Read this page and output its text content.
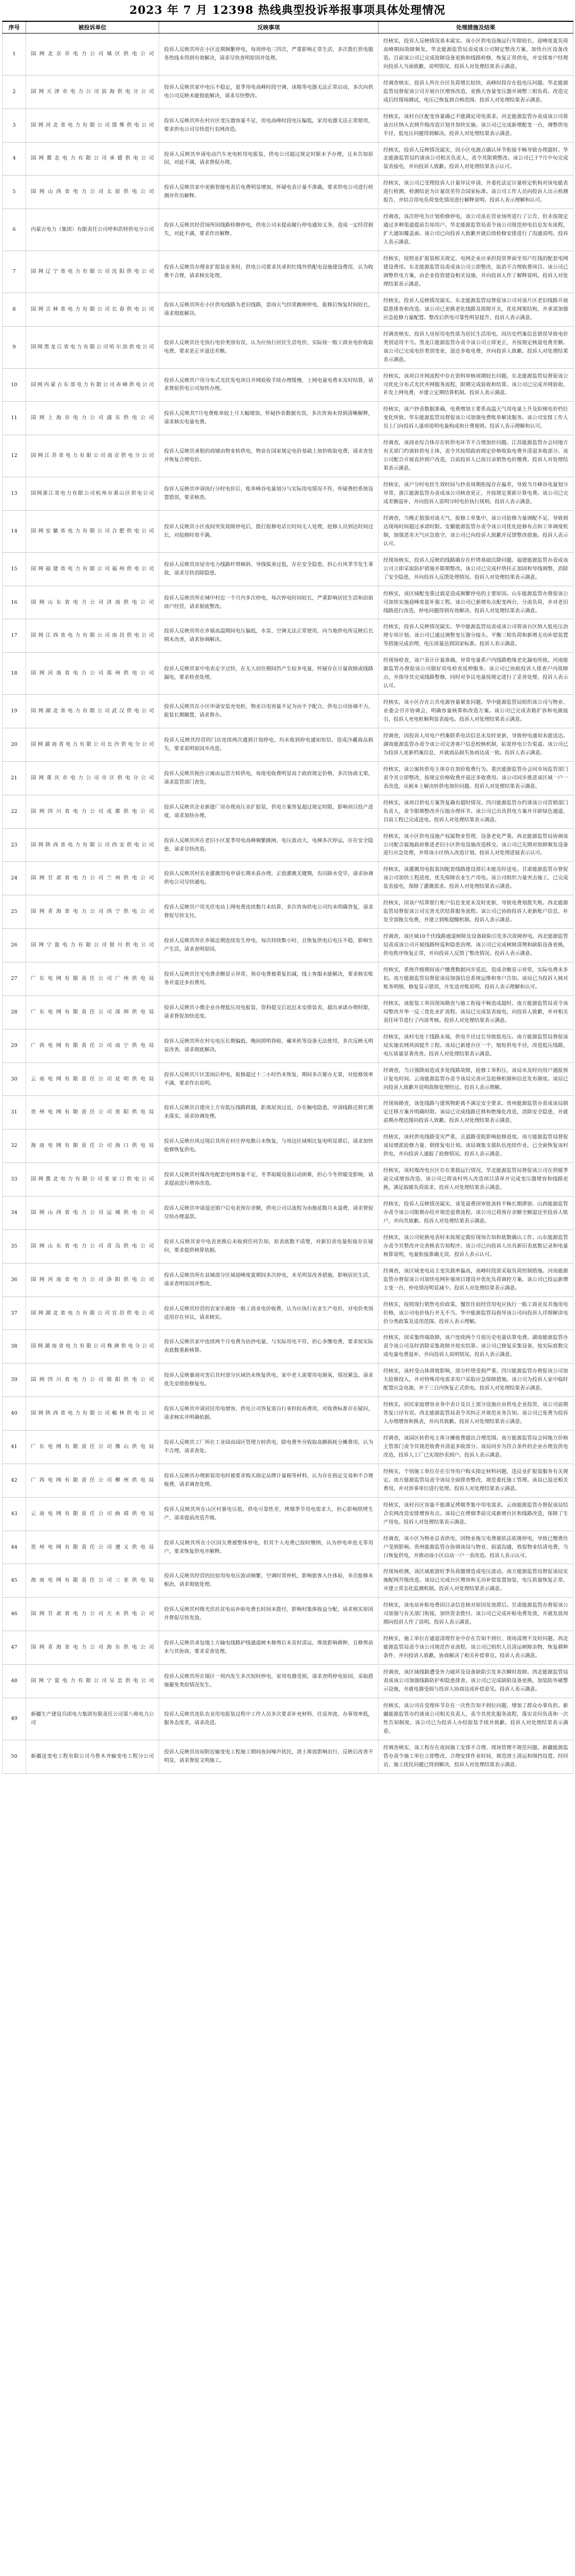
2023 年 7 月 12398 热线典型投诉举报事项具体处理情况
序号	被投诉单位	反映事项	处理措施及结果
1	国网北京市电力公司城区供电公司	投诉人反映其所在小区近期频繁停电，每周停电三四次，严重影响正常生活，多次拨打供电服务热线未得到有效解决，请求尽快查明原因并处理。	经核实，投诉人反映情况基本属实。该小区供电设施运行年限较长，迎峰度夏负荷高峰期间故障频发。华北能源监管局责成该公司制定整改方案，加快台区设备改造。目前该公司已完成故障设备更换和线路检修，恢复正常供电，并安排客户经理向投诉人当面致歉、说明情况。投诉人对处理结果表示满意。
2	国网天津市电力公司滨海供电分公司	投诉人反映其家中电压不稳定，夏季用电高峰时段空调、冰箱等电器无法正常启动，多次向供电公司反映未能彻底解决，请求尽快整改。	经调查核实，投诉人所在台区负荷增长较快，高峰时段存在低电压问题。华北能源监管局督促该公司开展台区增容改造，更换大容量变压器并调整三相负荷。改造完成后经现场测试，电压已恢复到合格范围。投诉人对处理结果表示满意。
3	国网河北省电力有限公司邯郸供电公司	投诉人反映其所在村台区变压器容量不足，用电高峰时段电压偏低，家用电器无法正常使用，要求供电公司尽快进行农网改造。	经核实，该村台区配变容量确已不能满足用电需求。河北能源监管办责成该公司将该台区纳入农网升级改造计划并加快实施。该公司已完成新增配变一台，调整供电半径，低电压问题得到解决。投诉人对处理结果表示满意。
4	国网冀北电力有限公司承德供电公司	投诉人反映其申请电动汽车充电桩用电报装，供电公司超过规定时限未予办理，且未告知原因，对此不满，请求督促办理。	经核实，投诉人反映情况属实，因小区电源点确认环节衔接不畅导致办理超时。华北能源监管局约谈该公司相关负责人，责令其限期整改。该公司已于7月中旬完成装表接电，并向投诉人致歉。投诉人对处理结果表示认可。
5	国网山西省电力公司太原供电公司	投诉人反映其家中更换智能电表后电费明显增加，怀疑电表计量不准确，要求供电公司进行检测并作出解释。	经核实，该公司已受理投诉人计量异议申请，并委托法定计量检定机构对该电能表进行检测，检测结论为计量误差符合国家标准。该公司工作人员向投诉人出示检测报告，并结合用电负荷变化情况进行解释说明。投诉人表示理解和认可。
6	内蒙古电力（集团）有限责任公司呼和浩特供电分公司	投诉人反映其经营场所因线路检修停电，供电公司未提前履行停电通知义务，造成一定经营损失，对此不满，要求作出解释。	经调查，该次停电为计划检修停电，该公司虽在营业场所进行了公告，但未按规定通过多种渠道提前告知用户。华北能源监管局责令该公司规范停电信息发布流程，扩大通知覆盖面。该公司已向投诉人致歉并就后续检修安排进行了沟通说明。投诉人表示满意。
7	国网辽宁省电力有限公司沈阳供电公司	投诉人反映其办理业扩报装业务时，供电公司要求其承担红线外供配电设施建设费用，认为收费不合理，请求核实处理。	经核实，按照业扩报装相关规定，电网企业应承担投资界面至用户红线的配套电网建设费用。东北能源监管局责成该公司立即整改，取消不合理收费项目。该公司已调整供电方案，由企业投资建设相关设施，并向投诉人作了解释说明。投诉人对处理结果表示满意。
8	国网吉林省电力有限公司长春供电公司	投诉人反映其所在小区供电线路为老旧线路，雷雨天气经常跳闸停电，报修后恢复时间较长，请求彻底解决。	经核实，投诉人反映情况属实。东北能源监管局督促该公司对该片区老旧线路开展隐患排查和改造。该公司已更换老化线路及故障开关，优化网架结构，并承诺加强应急抢修力量配置。整改后供电可靠性明显提升，投诉人表示满意。
9	国网黑龙江省电力有限公司哈尔滨供电公司	投诉人反映其住宅执行电价类别有误，认为应执行居民生活电价，实际按一般工商业电价收取电费，要求更正并退还差额。	经调查核实，投诉人房屋用电性质为居民生活用电，因历史档案信息错误导致电价类别适用不当。黑龙江能源监管办责令该公司立即更正，并按规定核退电费差额。该公司已完成电价类别变更，退还多收电费，并向投诉人致歉。投诉人对处理结果表示满意。
10	国网内蒙古东部电力有限公司赤峰供电公司	投诉人反映其户用分布式光伏发电项目并网验收手续办理缓慢，上网电量电费未及时结算，请求督促供电公司加快办理。	经核实，该项目并网流程中存在资料审核周期较长问题。东北能源监管局督促该公司优化分布式光伏并网服务流程，限期完成验收和结算。该公司已完成并网验收，补发上网电费，并建立定期结算机制。投诉人表示满意。
11	国网上海市电力公司浦东供电公司	投诉人反映其7月电费账单较上月大幅增加，怀疑抄表数据有误，多次咨询未得到清晰解释，请求核实电量电费。	经核实，该户抄表数据准确，电费增加主要系高温天气用电量上升及阶梯电价档位变化所致。华东能源监管局督促该公司加强电费账单解读服务。该公司安排工作人员上门向投诉人逐项说明电量构成和计费规则。投诉人表示理解和认可。
12	国网江苏省电力有限公司南京供电分公司	投诉人反映其承租的商铺由物业转供电，物业在国家规定电价基础上加价收取电费，请求查处并恢复合理电价。	经调查，该商业综合体存在转供电环节不合理加价问题。江苏能源监管办会同地方有关部门约谈转供电主体，责令其按照政府规定价格收取电费并清退多收部分。该公司配合开展直抄到户改造，目前投诉人已按目录销售电价缴费。投诉人对处理结果表示满意。
13	国网浙江省电力有限公司杭州市萧山区供电公司	投诉人反映其申请执行分时电价后，账单峰谷电量划分与实际用电情况不符，怀疑费控系统设置错误，要求核查。	经核实，该户分时电价生效时间与抄表周期衔接存在偏差，导致当月峰谷电量划分异常。浙江能源监管办责成该公司核查更正，并按规定重新计算电费。该公司已完成差额退补，并向投诉人说明分时电价执行规则。投诉人表示满意。
14	国网安徽省电力有限公司合肥供电公司	投诉人反映其小区夜间突发故障停电后，拨打报修电话长时间无人处理，抢修人员到达时间过长，对抢修时效不满。	经调查，当晚正值强对流天气，报修工单集中，该公司抢修力量调配不足，导致到达现场时间超过承诺时限。安徽能源监管办责令该公司优化抢修布点和工单调度机制，加强恶劣天气应急值守。该公司已向投诉人致歉并反馈整改措施。投诉人表示认可。
15	国网福建省电力有限公司福州供电公司	投诉人反映其房屋旁电力线路杆塔倾斜、导线弧垂过低，存在安全隐患，担心台风季节发生事故，请求尽快消除隐患。	经现场核实，投诉人反映的线路确存在杆塔基础沉降问题。福建能源监管办责成该公司立即采取防护措施并限期整改。该公司已完成杆塔扶正加固和导线调整，消除了安全隐患，并向投诉人反馈处理情况。投诉人对处理结果表示满意。
16	国网山东省电力公司济南供电公司	投诉人反映其所在城中村近一个月内多次停电，每次停电时间较长，严重影响居民生活和沿街商户经营，请求彻底整改。	经核实，该区域配变重过载是造成频繁停电的主要原因。山东能源监管办督促该公司加快实施迎峰度夏补强工程。该公司已新增布点配变两台，分流负荷，并对老旧线路进行改造，停电问题得到有效解决。投诉人对处理结果表示满意。
17	国网江西省电力有限公司南昌供电公司	投诉人反映其所在乡镇高温期间电压偏低，水泵、空调无法正常使用，向当地供电所反映后长期未改善，请求协调解决。	经核实，投诉人反映情况属实。华中能源监管局责成该公司将该台区纳入低电压治理专项计划。该公司已通过调整变压器分接头、平衡三相负荷和新增无功补偿装置等措施完成治理，电压质量达到国家标准。投诉人表示满意。
18	国网河南省电力公司郑州供电公司	投诉人反映其家中电表走字过快，在无人居住期间仍产生较多电量，怀疑存在计量故障或线路漏电，要求检查处理。	经现场检查，该户表计计量准确，异常电量系户内线路绝缘老化漏电所致。河南能源监管办督促该公司做好用电检查延伸服务。该公司已协助投诉人排查户内故障点，并指导其完成线路整修，同时对争议电量按规定进行了妥善处理。投诉人表示认可。
19	国网湖北省电力有限公司武汉供电公司	投诉人反映其在小区申请安装充电桩，物业以电容量不足为由不予配合，供电公司协调不力，报装长期搁置，请求督办。	经核实，该小区存在公共电源容量紧张问题。华中能源监管局组织该公司与物业、业委会召开协调会，明确容量核算和改造方案。该公司已完成表箱扩容和电源接引，投诉人充电桩顺利装表接电。投诉人对处理结果表示满意。
20	国网湖南省电力有限公司长沙供电分公司	投诉人反映其经营的门店连续两次遇到计划停电，均未收到停电通知短信，造成冷藏商品损失，要求说明原因并改进。	经调查，因投诉人用电户档案联系电话信息未及时更新，导致停电通知未能送达。湖南能源监管办责令该公司完善客户信息校核机制，拓宽停电公告渠道。该公司已为投诉人更新档案信息，并就商品损失协商达成一致。投诉人表示满意。
21	国网重庆市电力公司市区供电分公司	投诉人反映其租住公寓由运营方转供电，每度电收费明显高于政府规定价格，多次协商无果，请求监管部门查处。	经核实，该公寓转供电主体存在加价收费行为。重庆能源监管办会同市场监管部门责令其立即整改，按规定价格收费并退还多收费用。该公司同步推进该区域一户一表改造，从根本上解决转供电加价问题。投诉人对处理结果表示满意。
22	国网四川省电力公司成都供电公司	投诉人反映其企业新建厂房办理高压业扩报装，供电方案答复超过规定时限，影响项目投产进度，请求加快办理。	经核实，该项目供电方案答复确有超时情况。四川能源监管办约谈该公司营销部门负责人，责令限期整改并压缩办理环节。该公司已出具供电方案并开辟绿色通道，目前工程已完成送电。投诉人对处理结果表示满意。
23	国网陕西省电力有限公司西安供电公司	投诉人反映其所在老旧小区夏季用电高峰频繁跳闸，电压波动大，电梯多次停运，存在安全隐患，请求尽快改造。	经核实，该小区供电设施产权属物业管理，设备老化严重。西北能源监管局协调该公司配合属地政府推进老旧小区供电设施改造移交。该公司已先期对故障频发设备进行应急处理，并将该小区纳入改造计划。投诉人对处理进展表示认可。
24	国网甘肃省电力公司兰州供电公司	投诉人反映其村农业灌溉用电申请长期未获办理，正值灌溉关键期，农田缺水受旱，请求协调供电公司尽快通电。	经核实，该灌溉用电报装因配套线路建设滞后未能及时送电。甘肃能源监管办督促该公司加快工程进度，优先保障农业生产用电。该公司组织力量突击施工，已完成装表接电，保障了灌溉需求。投诉人对处理结果表示满意。
25	国网青海省电力公司西宁供电公司	投诉人反映其户用光伏电站上网电费连续数月未结算，多次咨询供电公司均未明确答复，请求督促尽快支付。	经核实，因该户结算银行账户信息变更未及时更新，导致电费划拨失败。西北能源监管局督促该公司完善光伏结算服务流程。该公司已协助投诉人更新账户信息，补发全部拖欠电费，并建立到账提醒机制。投诉人表示满意。
26	国网宁夏电力有限公司银川供电公司	投诉人反映其所在乡镇近期连续发生停电，每次持续数小时，且恢复供电后电压不稳，影响生产生活，请求查明原因。	经调查，该区域10千伏线路通道树障及设备缺陷引发多次故障停电。西北能源监管局责成该公司开展线路特巡和隐患治理。该公司已完成树障清理和缺陷设备更换，供电秩序恢复正常，并向投诉人反馈了整改情况。投诉人表示满意。
27	广东电网有限责任公司广州供电局	投诉人反映其住宅电费余额显示异常，预存电费被重复扣减，线上客服未能解决，要求核实账务并退还多扣费用。	经核实，系统升级期间该户缴费数据同步延迟，造成余额显示异常，实际电费未多扣。南方能源监管局督促该局加强信息系统运维和客户告知。该局已为投诉人核对账务明细，修复显示错误，并发送对账说明。投诉人表示理解和认可。
28	广东电网有限责任公司深圳供电局	投诉人反映其小微企业办理低压用电报装，资料提交后迟迟未安排装表，超出承诺办理时限，请求督促加快进度。	经核实，该报装工单因现场勘查与施工衔接不畅造成超时。南方能源监管局责令该局整改并举一反三优化业扩流程。该局已完成装表接电，向投诉人致歉，并对相关责任环节进行了内部考核。投诉人对处理结果表示满意。
29	广西电网有限责任公司南宁供电局	投诉人反映其所在村屯电压长期偏低，晚间照明昏暗，碾米机等设备无法使用，多次反映无明显改善，请求彻底解决。	经核实，该村屯处于线路末端，供电半径过长导致低电压。南方能源监管局督促该局实施农网巩固提升工程。该局已新建台区一个，缩短供电半径，改造低压线路，电压质量显著改善。投诉人对处理结果表示满意。
30	云南电网有限责任公司昆明供电局	投诉人反映其片区雷雨后停电，报修超过十二小时仍未恢复，期间多次催办无果，对抢修效率不满，要求作出说明。	经调查，当日强降雨造成多处线路故障，抢修工单积压，该局未及时向用户通报预计复电时间。云南能源监管办责令该局完善应急抢修机制和信息发布制度。该局已向投诉人致歉并说明故障处理经过。投诉人表示理解。
31	贵州电网有限责任公司贵阳供电局	投诉人反映其自建房上方有低压线路跨越，距离屋顶过近，存在触电隐患，申请线路迁移长期未落实，请求协调处理。	经现场勘查，该处线路与建筑物距离不满足安全要求。贵州能源监管办责成该局制定迁移方案并明确时限。该局已完成线路迁移和绝缘化改造，消除安全隐患，并就前期办理迟缓向投诉人致歉。投诉人对处理结果表示满意。
32	海南电网有限责任公司海口供电局	投诉人反映台风过境后其所在村庄停电数日未恢复，与周边区域相比复电明显滞后，请求加快抢修恢复供电。	经核实，该村供电线路受灾严重，且道路受阻影响抢修进度。南方能源监管局督促该局增派抢修力量、倒排复电计划。该局调集支援队伍连续作业，已全面恢复该村供电，并向投诉人通报了抢修情况。投诉人表示满意。
33	国网冀北电力有限公司张家口供电公司	投诉人反映其村煤改电配套电网容量不足，冬季取暖设备启动困难，担心今冬供暖受影响，请求提前进行增容改造。	经核实，该村煤改电台区存在重载运行情况。华北能源监管局督促该公司在供暖季前完成增容改造。该公司已将该村列入改造项目清单并完成变压器增容和线路更换，满足取暖负荷需求。投诉人对处理结果表示满意。
34	国网山西省电力公司运城供电公司	投诉人反映其申请退还销户后电表预存余额，供电公司以流程为由拖延数月未退费，请求督促尽快办理退款。	经核实，投诉人反映情况属实，该笔退费因审批流转不畅长期滞留。山西能源监管办责令该公司限期办结并规范退费流程。该公司已将预存余额全额退还至投诉人账户，并向其致歉。投诉人对处理结果表示满意。
35	国网山东省电力公司青岛供电公司	投诉人反映其家中电表更换后未收到任何告知，原表底数不清楚，对新旧表电量衔接存在疑问，要求提供核算依据。	经核实，该公司轮换电表时未按规定做好现场告知和底数确认工作。山东能源监管办责令其整改并完善换表告知程序。该公司已向投诉人出具新旧表底数记录和电量核算说明，电量衔接准确无误。投诉人表示认可。
36	国网河南省电力公司洛阳供电公司	投诉人反映其所在县城部分区域迎峰度夏期间多次停电，未见明显改善措施，影响居民生活，请求查明原因并整改。	经调查，该区域变电站主变负载率偏高，高峰时段需采取负荷控制措施。河南能源监管办督促该公司加快电网补强项目建设并优化负荷调控方案。该公司已投运新增主变一台，停电情况明显减少。投诉人对处理结果表示满意。
37	国网湖北省电力有限公司宜昌供电公司	投诉人反映其经营的农家乐被按一般工商业电价收费，认为应执行农业生产电价，对电价类别适用存在异议，请求核实。	经核实，按照现行销售电价政策，餐饮住宿经营用电应执行一般工商业及其他用电价格，该公司电价执行并无不当。华中能源监管局指导该公司向投诉人详细解读电价分类政策及适用范围。投诉人表示理解。
38	国网湖南省电力有限公司株洲供电分公司	投诉人反映其家中连续两个月电费为估抄电量，与实际用电不符，担心多缴电费，要求按实际表底数重新核算。	经核实，因采集终端故障，该户连续两个月按历史电量估算电费。湖南能源监管办责令该公司及时消除采集故障并按实结算。该公司已修复采集设备，按实际底数完成电量电费退补，并向投诉人说明情况。投诉人表示满意。
39	国网四川省电力公司绵阳供电公司	投诉人反映暴雨灾害后其村部分区域仍未恢复供电，家中老人需要用电制氧，情况紧急，请求优先安排抢修复电。	经核实，该村受山体滑坡影响，部分杆塔受损严重。四川能源监管办督促该公司加大抢修投入，并对特殊用电需求用户采取应急保障措施。该公司为投诉人家中临时配置应急电源，并于三日内恢复正式供电。投诉人对处理结果表示满意。
40	国网陕西省电力有限公司榆林供电公司	投诉人反映其申请居民用电增容，供电公司答复需自行承担较高费用，对收费标准存在疑问，请求核实并明确依据。	经核实，居民家庭增容业务中表计及以上部分设施应由供电企业投资，该公司前期答复口径有误。西北能源监管局责令其纠正并规范业务告知。该公司已免费为投诉人办理增容和换表，并向其致歉。投诉人对处理结果表示满意。
41	广东电网有限责任公司佛山供电局	投诉人反映其工厂所在工业园由园区管理方转供电，除电费外另收取高额损耗分摊费用，认为不合理，请求查处。	经调查，该园区转供电主体分摊收费超出合理范围。南方能源监管局会同地方价格主管部门责令其规范收费并清退多收部分。该局同步为符合条件的企业办理直供电改造，投诉人工厂已实现抄表到户。投诉人表示满意。
42	广西电网有限责任公司柳州供电局	投诉人反映其办理新装用电时被要求购买指定品牌计量箱等材料，认为存在指定交易和不合理收费，请求调查处理。	经核实，个别施工单位存在引导用户购买指定材料问题，违反业扩报装服务有关规定。南方能源监管局责令该局全面排查整改，规范委托施工管理。该局已退还相关费用，并对涉事单位进行处理。投诉人对处理结果表示满意。
43	云南电网有限责任公司曲靖供电局	投诉人反映其所在山区村寨电压低、供电可靠性差，烤烟季节用电需求大，担心影响烘烤生产，请求提前改造升级。	经核实，该村台区容量不能满足烤烟季集中用电需求。云南能源监管办督促该局结合农网改造安排增容布点。该局已在烤烟季前完成新增台区和线路改造，保障了生产用电。投诉人对处理结果表示满意。
44	贵州电网有限责任公司遵义供电局	投诉人反映其所在小区因欠费被整体停电，但其个人电费已按时缴纳，认为停电牵连无辜用户，要求恢复供电并解释。	经调查，该小区为物业总表供电，因物业拖欠电费被依法依规停电，导致已缴费住户受到影响。贵州能源监管办协调该局与物业、街道沟通，敦促物业结清电费，当日恢复供电，并推动该小区启动一户一表改造。投诉人表示认可。
45	海南电网有限责任公司三亚供电局	投诉人反映其经营的民宿用电电压波动频繁，空调时常停机，影响旅客入住体验，多次报修未根治，请求彻底处理。	经现场检测，该区域旅游旺季负荷激增造成电压波动。南方能源监管局督促该局实施配网升级改造。该局已完成台区增容和无功补偿装置加装，电压质量恢复正常，并建立常态化监测机制。投诉人对处理结果表示满意。
46	国网甘肃省电力公司天水供电公司	投诉人反映其村级光伏扶贫电站补贴电费长时间未拨付，影响村集体收益分配，请求核实原因并督促尽快发放。	经核实，该电站补贴电费因目录信息核对原因发放滞后。甘肃能源监管办督促该公司加强与有关部门衔接，加快资金拨付。该公司已完成补贴电费发放，并就发放周期向投诉人作了说明。投诉人表示满意。
47	国网青海省电力公司海东供电公司	投诉人反映其承包地上方输电线路护线通道树木修剪后未及时清运，堆放影响耕种，且修剪前未与其协商，要求妥善处理。	经核实，施工单位在通道清理作业中存在告知不到位、现场清理不及时问题。西北能源监管局责令该公司规范作业流程。该公司已组织人员清运树障杂物，恢复耕种条件，并向投诉人致歉，协商解决了相关补偿事宜。投诉人表示满意。
48	国网宁夏电力有限公司吴忠供电公司	投诉人反映其所在镇区一周内发生多次短时停电，家用电器受损，请求查明停电原因，采取措施避免类似情况发生。	经调查，该区域线路遭受外力破坏及设备缺陷引发多次瞬时故障。西北能源监管局责成该公司加强线路防护和隐患排查。该公司已完成缺陷设备更换，加装防外破警示设施，并就电器受损与投诉人协商达成补偿意见。投诉人表示满意。
49	新疆生产建设兵团电力集团有限责任公司第八师电力公司	投诉人反映其连队农业用电报装过程中工作人员多次要求补充材料、往返奔波，办事效率低，服务态度差，请求改进。	经核实，该公司在受理环节存在一次性告知不到位问题，增加了群众办事负担。新疆能源监管办约谈该公司相关负责人，责令其优化服务流程，落实首问负责和一次性告知制度。该公司已为投诉人办结报装手续并致歉。投诉人对处理结果表示满意。
50	新疆送变电工程有限公司乌鲁木齐输变电工程分公司	投诉人反映其房屋附近输变电工程施工期间夜间噪声扰民，渣土堆放影响出行，反映后改善不明显，请求督促文明施工。	经调查核实，该工程存在夜间施工安排不合理、现场管理不规范问题。新疆能源监管办责令施工单位立即整改，合理安排作业时间，规范渣土清运和围挡设置。经回访，施工扰民问题已得到解决，投诉人对处理结果表示满意。
